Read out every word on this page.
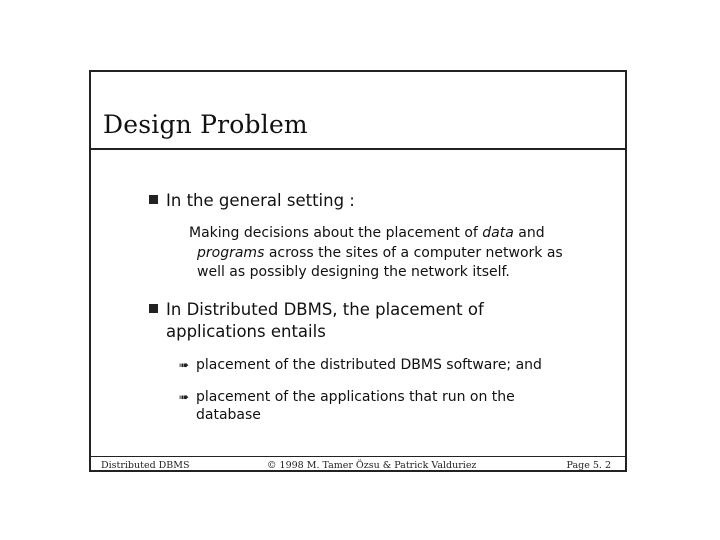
Design Problem
In the general setting :
Making decisions about the placement of data and
programs across the sites of a computer network as
well as possibly designing the network itself.
In Distributed DBMS, the placement of
applications entails
➠ placement of the distributed DBMS software; and
➠ placement of the applications that run on the
database
Distributed DBMS	© 1998 M. Tamer Özsu & Patrick Valduriez	Page 5. 2
